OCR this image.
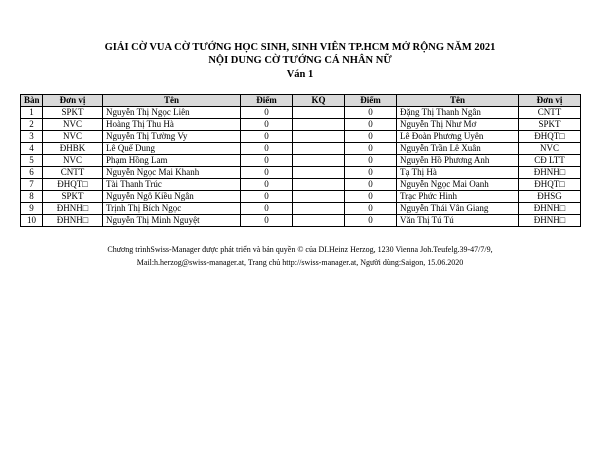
GIẢI CỜ VUA CỜ TƯỚNG HỌC SINH, SINH VIÊN TP.HCM MỞ RỘNG NĂM 2021
NỘI DUNG CỜ TƯỚNG CÁ NHÂN NỮ
Ván 1
Bàn	Đơn vị	Tên	Điểm	KQ	Điểm	Tên	Đơn vị
1	SPKT	Nguyễn Thị Ngọc Liên	0		0	Đặng Thị Thanh Ngân	CNTT
2	NVC	Hoàng Thị Thu Hà	0		0	Nguyễn Thị Như Mơ	SPKT
3	NVC	Nguyễn Thị Tường Vy	0		0	Lê Đoàn Phương Uyên	ĐHQT□
4	ĐHBK	Lê Quế Dung	0		0	Nguyễn Trần Lê Xuân	NVC
5	NVC	Phạm Hồng Lam	0		0	Nguyễn Hồ Phương Anh	CĐ LTT
6	CNTT	Nguyễn Ngọc Mai Khanh	0		0	Tạ Thị Hà	ĐHNH□
7	ĐHQT□	Tài Thanh Trúc	0		0	Nguyễn Ngọc Mai Oanh	ĐHQT□
8	SPKT	Nguyễn Ngô Kiều Ngân	0		0	Trạc Phức Hinh	ĐHSG
9	ĐHNH□	Trịnh Thị Bích Ngọc	0		0	Nguyễn Thái Vân Giang	ĐHNH□
10	ĐHNH□	Nguyễn Thị Minh Nguyệt	0		0	Văn Thị Tú Tú	ĐHNH□
Chương trìnhSwiss-Manager được phát triển và bản quyền © của DI.Heinz Herzog, 1230 Vienna Joh.Teufelg.39-47/7/9,
Mail:h.herzog@swiss-manager.at, Trang chủ http://swiss-manager.at, Người dùng:Saigon, 15.06.2020
